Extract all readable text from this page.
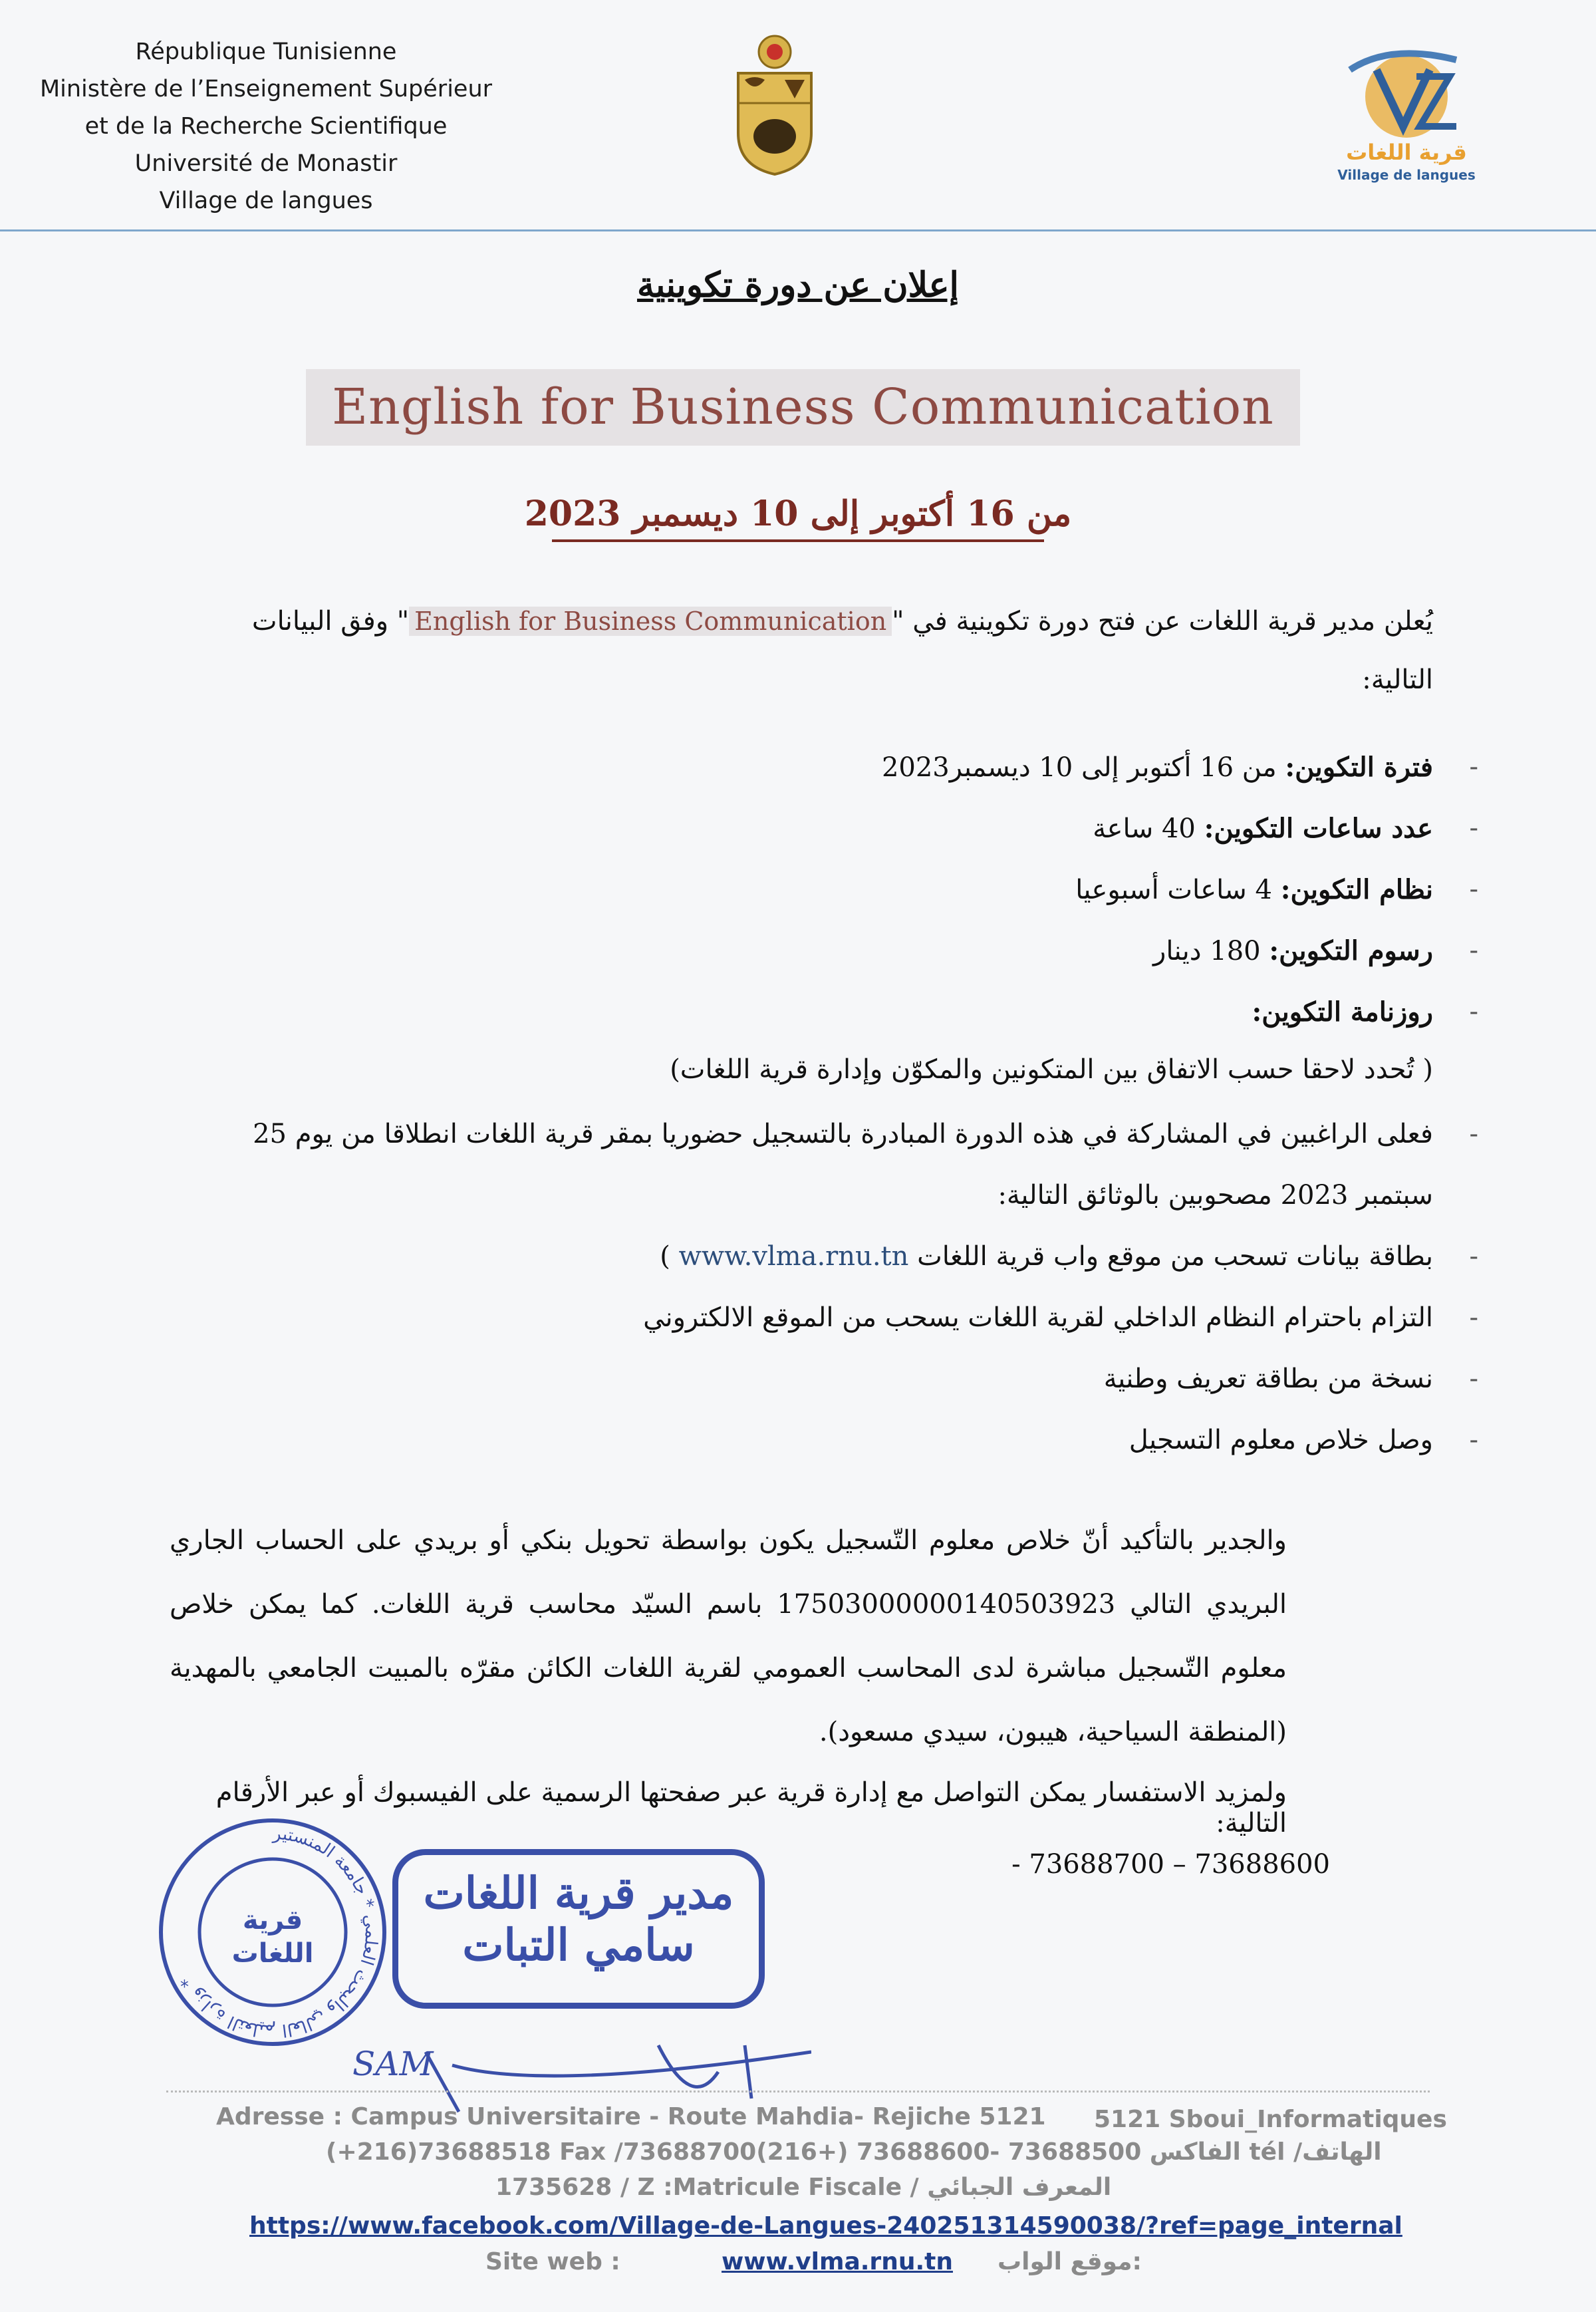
République Tunisienne
Ministère de l’Enseignement Supérieur
et de la Recherche Scientifique
Université de Monastir
Village de langues
قرية اللغات
Village de langues
إعلان عن دورة تكوينية
English for Business Communication
من 16 أكتوبر إلى 10 ديسمبر 2023
يُعلن مدير قرية اللغات عن فتح دورة تكوينية في "English for Business Communication" وفق البيانات التالية:
-
فترة التكوين: من 16 أكتوبر إلى 10 ديسمبر2023
-
عدد ساعات التكوين: 40 ساعة
-
نظام التكوين: 4 ساعات أسبوعيا
-
رسوم التكوين: 180 دينار
-
روزنامة التكوين:
( تُحدد لاحقا حسب الاتفاق بين المتكونين والمكوّن وإدارة قرية اللغات)
-
فعلى الراغبين في المشاركة في هذه الدورة المبادرة بالتسجيل حضوريا بمقر قرية اللغات انطلاقا من يوم 25
سبتمبر 2023 مصحوبين بالوثائق التالية:
-
بطاقة بيانات تسحب من موقع واب قرية اللغات www.vlma.rnu.tn )
-
التزام باحترام النظام الداخلي لقرية اللغات يسحب من الموقع الالكتروني
-
نسخة من بطاقة تعريف وطنية
-
وصل خلاص معلوم التسجيل
والجدير بالتأكيد أنّ خلاص معلوم التّسجيل يكون بواسطة تحويل بنكي أو بريدي على الحساب الجاري البريدي التالي 17503000000140503923 باسم السيّد محاسب قرية اللغات. كما يمكن خلاص معلوم التّسجيل مباشرة لدى المحاسب العمومي لقرية اللغات الكائن مقرّه بالمبيت الجامعي بالمهدية (المنطقة السياحية، هيبون، سيدي مسعود).
ولمزيد الاستفسار يمكن التواصل مع إدارة قرية عبر صفحتها الرسمية على الفيسبوك أو عبر الأرقام التالية:
- 73688700 – 73688600
وزارة التعليم العالي والبحث العلمي * جامعة المنستير *
قرية
اللغات
مدير قرية اللغات
سامي التبات
SAM
Adresse : Campus Universitaire - Route Mahdia- Rejiche 5121 5121 Sboui_Informatiques
(+216)73688518 Fax /الفاكس 73688500 -73688600 (+216)73688700 tél /الهاتف
1735628 / Z :Matricule Fiscale / المعرف الجبائي
https://www.facebook.com/Village-de-Langues-240251314590038/?ref=page_internal
Site web :	www.vlma.rnu.tn موقع الواب:
